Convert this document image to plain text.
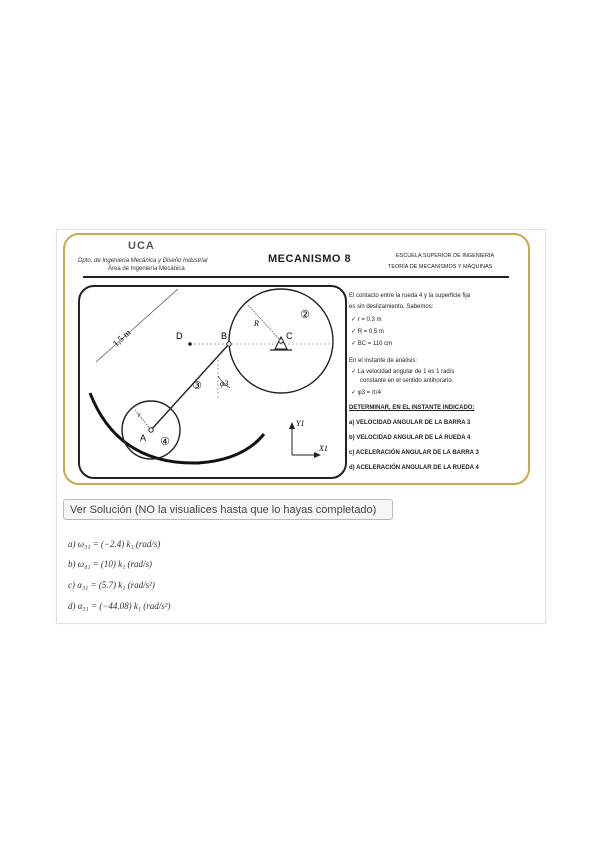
UCA
Dpto. de Ingeniería Mecánica y Diseño Industrial
Área de Ingeniería Mecánica
MECANISMO 8	ESCUELA SUPERIOR DE INGENIERÍA
TEORÍA DE MECANISMOS Y MÁQUINAS
D	B	C
A
R
r
③
②
④
φ3
1,5 m
Y1
X1
El contacto entre la rueda 4 y la superficie fija
es sin deslizamiento. Sabemos:
✓ r = 0.3 m
✓ R = 0.5 m
✓ BC = 110 cm
En el instante de análisis:
✓ La velocidad angular de 1 es 1 rad/s
constante en el sentido antihorario.
✓ φ3 = π/4
DETERMINAR, EN EL INSTANTE INDICADO:
a) VELOCIDAD ANGULAR DE LA BARRA 3
b) VELOCIDAD ANGULAR DE LA RUEDA 4
c) ACELERACIÓN ANGULAR DE LA BARRA 3
d) ACELERACIÓN ANGULAR DE LA RUEDA 4
Ver Solución (NO la visualices hasta que lo hayas completado)
a) ω₃₁ = (−2.4) k₁ (rad/s)
b) ω₄₁ = (10) k₁ (rad/s)
c) α₃₁ = (5.7) k₁ (rad/s²)
d) α₃₁ = (−44.08) k₁ (rad/s²)
